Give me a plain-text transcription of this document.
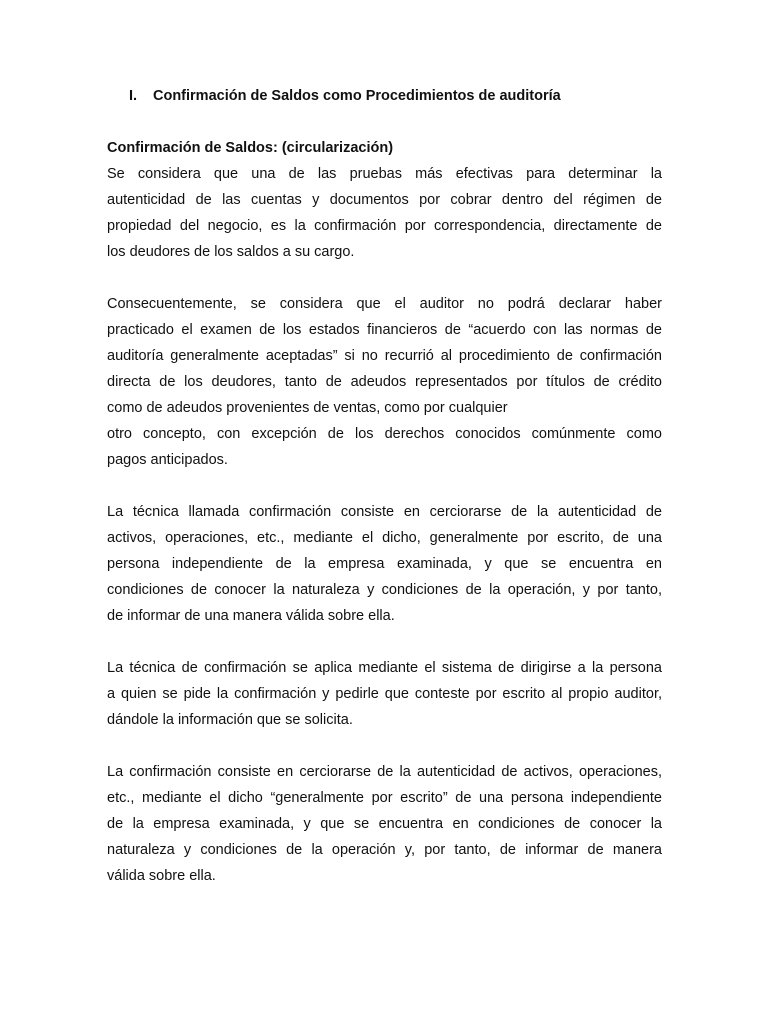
I.	Confirmación de Saldos como Procedimientos de auditoría
Confirmación de Saldos: (circularización)
Se considera que una de las pruebas más efectivas para determinar la
autenticidad de las cuentas y documentos por cobrar dentro del régimen de
propiedad del negocio, es la confirmación por correspondencia, directamente de
los deudores de los saldos a su cargo.
Consecuentemente, se considera que el auditor no podrá declarar haber
practicado el examen de los estados financieros de “acuerdo con las normas de
auditoría generalmente aceptadas” si no recurrió al procedimiento de confirmación
directa de los deudores, tanto de adeudos representados por títulos de crédito
como de adeudos provenientes de ventas, como por cualquier
otro concepto, con excepción de los derechos conocidos comúnmente como
pagos anticipados.
La técnica llamada confirmación consiste en cerciorarse de la autenticidad de
activos, operaciones, etc., mediante el dicho, generalmente por escrito, de una
persona independiente de la empresa examinada, y que se encuentra en
condiciones de conocer la naturaleza y condiciones de la operación, y por tanto,
de informar de una manera válida sobre ella.
La técnica de confirmación se aplica mediante el sistema de dirigirse a la persona
a quien se pide la confirmación y pedirle que conteste por escrito al propio auditor,
dándole la información que se solicita.
La confirmación consiste en cerciorarse de la autenticidad de activos, operaciones,
etc., mediante el dicho “generalmente por escrito” de una persona independiente
de la empresa examinada, y que se encuentra en condiciones de conocer la
naturaleza y condiciones de la operación y, por tanto, de informar de manera
válida sobre ella.
